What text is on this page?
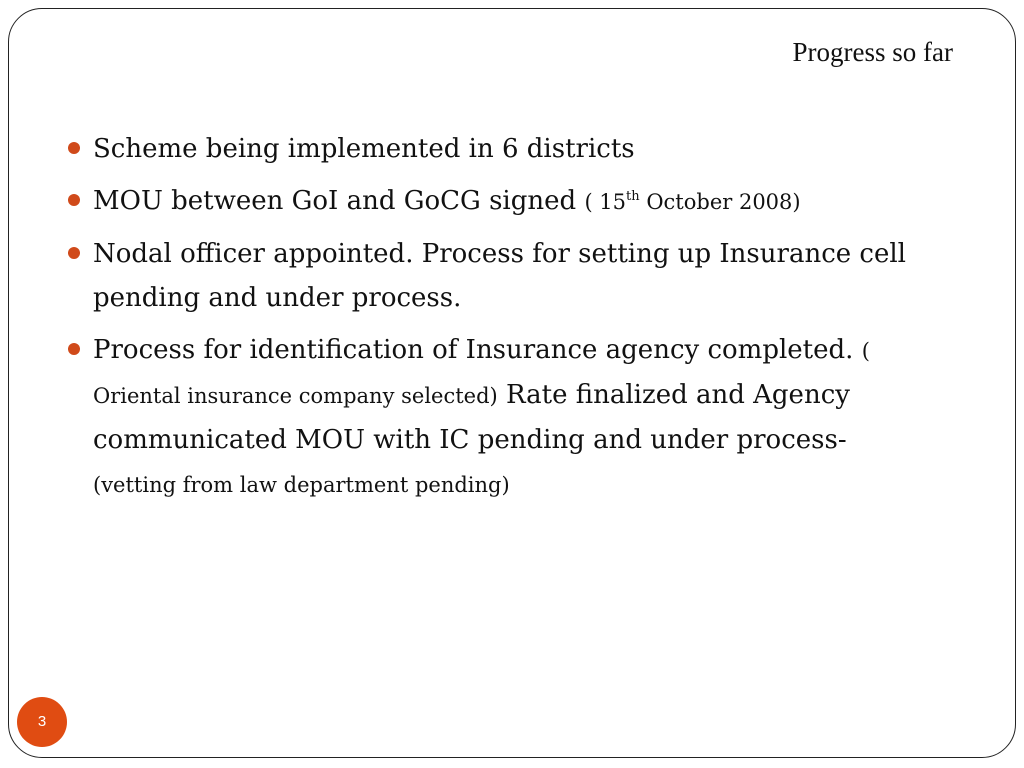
Progress so far
Scheme being implemented in 6 districts
MOU between GoI and GoCG signed ( 15th October 2008)
Nodal officer appointed. Process for setting up Insurance cell pending and under process.
Process for identification of Insurance agency completed. ( Oriental insurance company selected) Rate finalized and Agency communicated MOU with IC pending and under process-
(vetting from law department pending)
3
